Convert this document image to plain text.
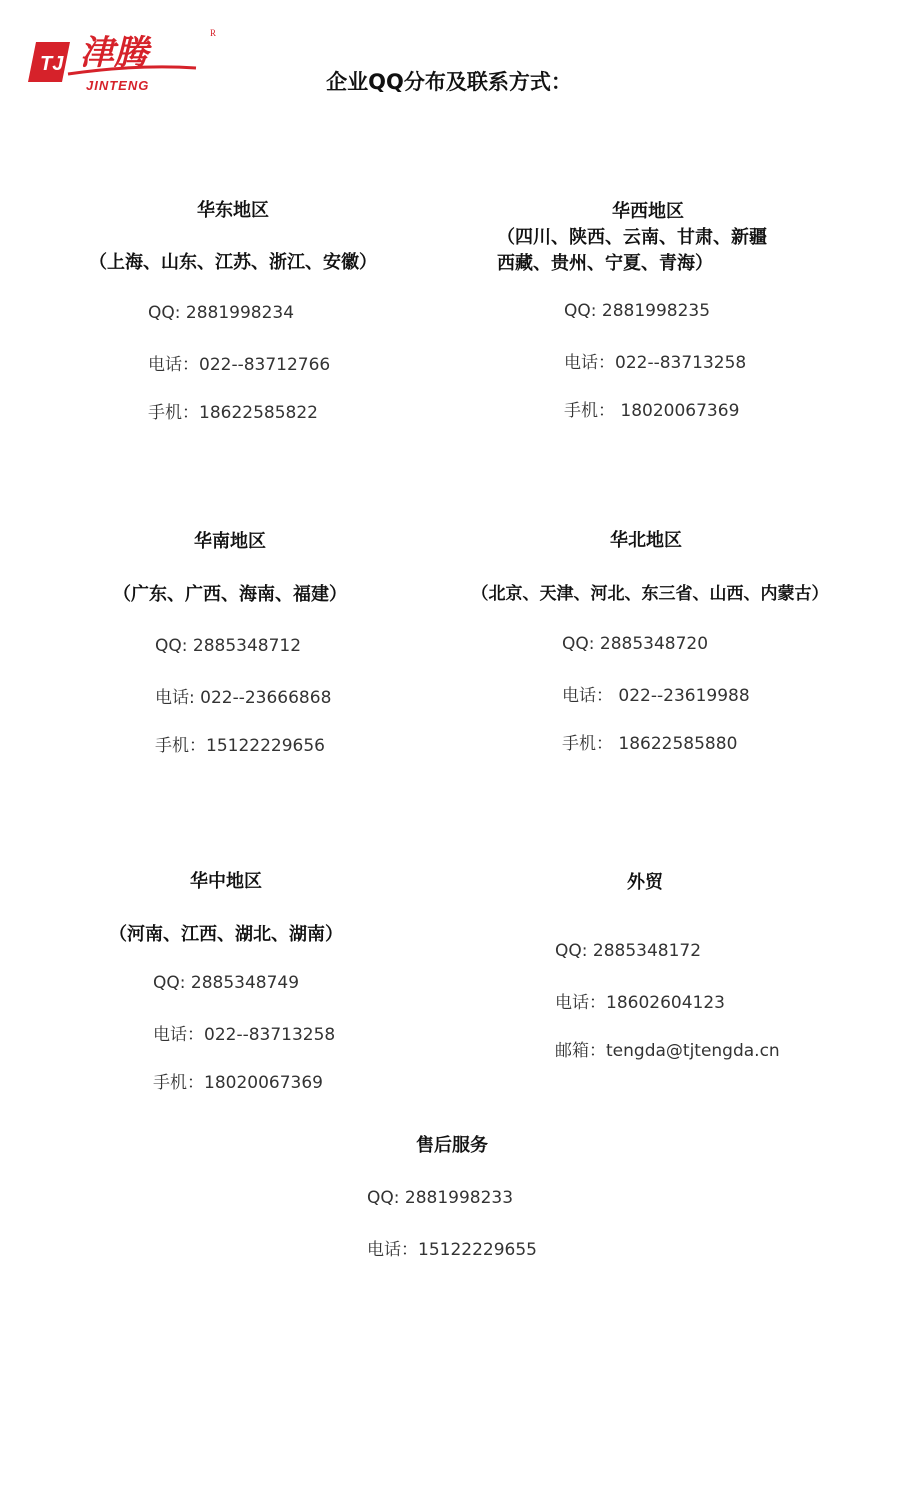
TJ 津腾
JINTENG
R
企业QQ分布及联系方式：
华东地区
（上海、山东、江苏、浙江、安徽）
QQ: 2881998234
电话：022--83712766
手机：18622585822
华西地区
（四川、陕西、云南、甘肃、新疆
西藏、贵州、宁夏、青海）
QQ: 2881998235
电话：022--83713258
手机： 18020067369
华南地区
（广东、广西、海南、福建）
QQ: 2885348712
电话: 022--23666868
手机：15122229656
华北地区
（北京、天津、河北、东三省、山西、内蒙古）
QQ: 2885348720
电话： 022--23619988
手机： 18622585880
华中地区
（河南、江西、湖北、湖南）
QQ: 2885348749
电话：022--83713258
手机：18020067369
外贸
QQ: 2885348172
电话：18602604123
邮箱：tengda@tjtengda.cn
售后服务
QQ: 2881998233
电话：15122229655
